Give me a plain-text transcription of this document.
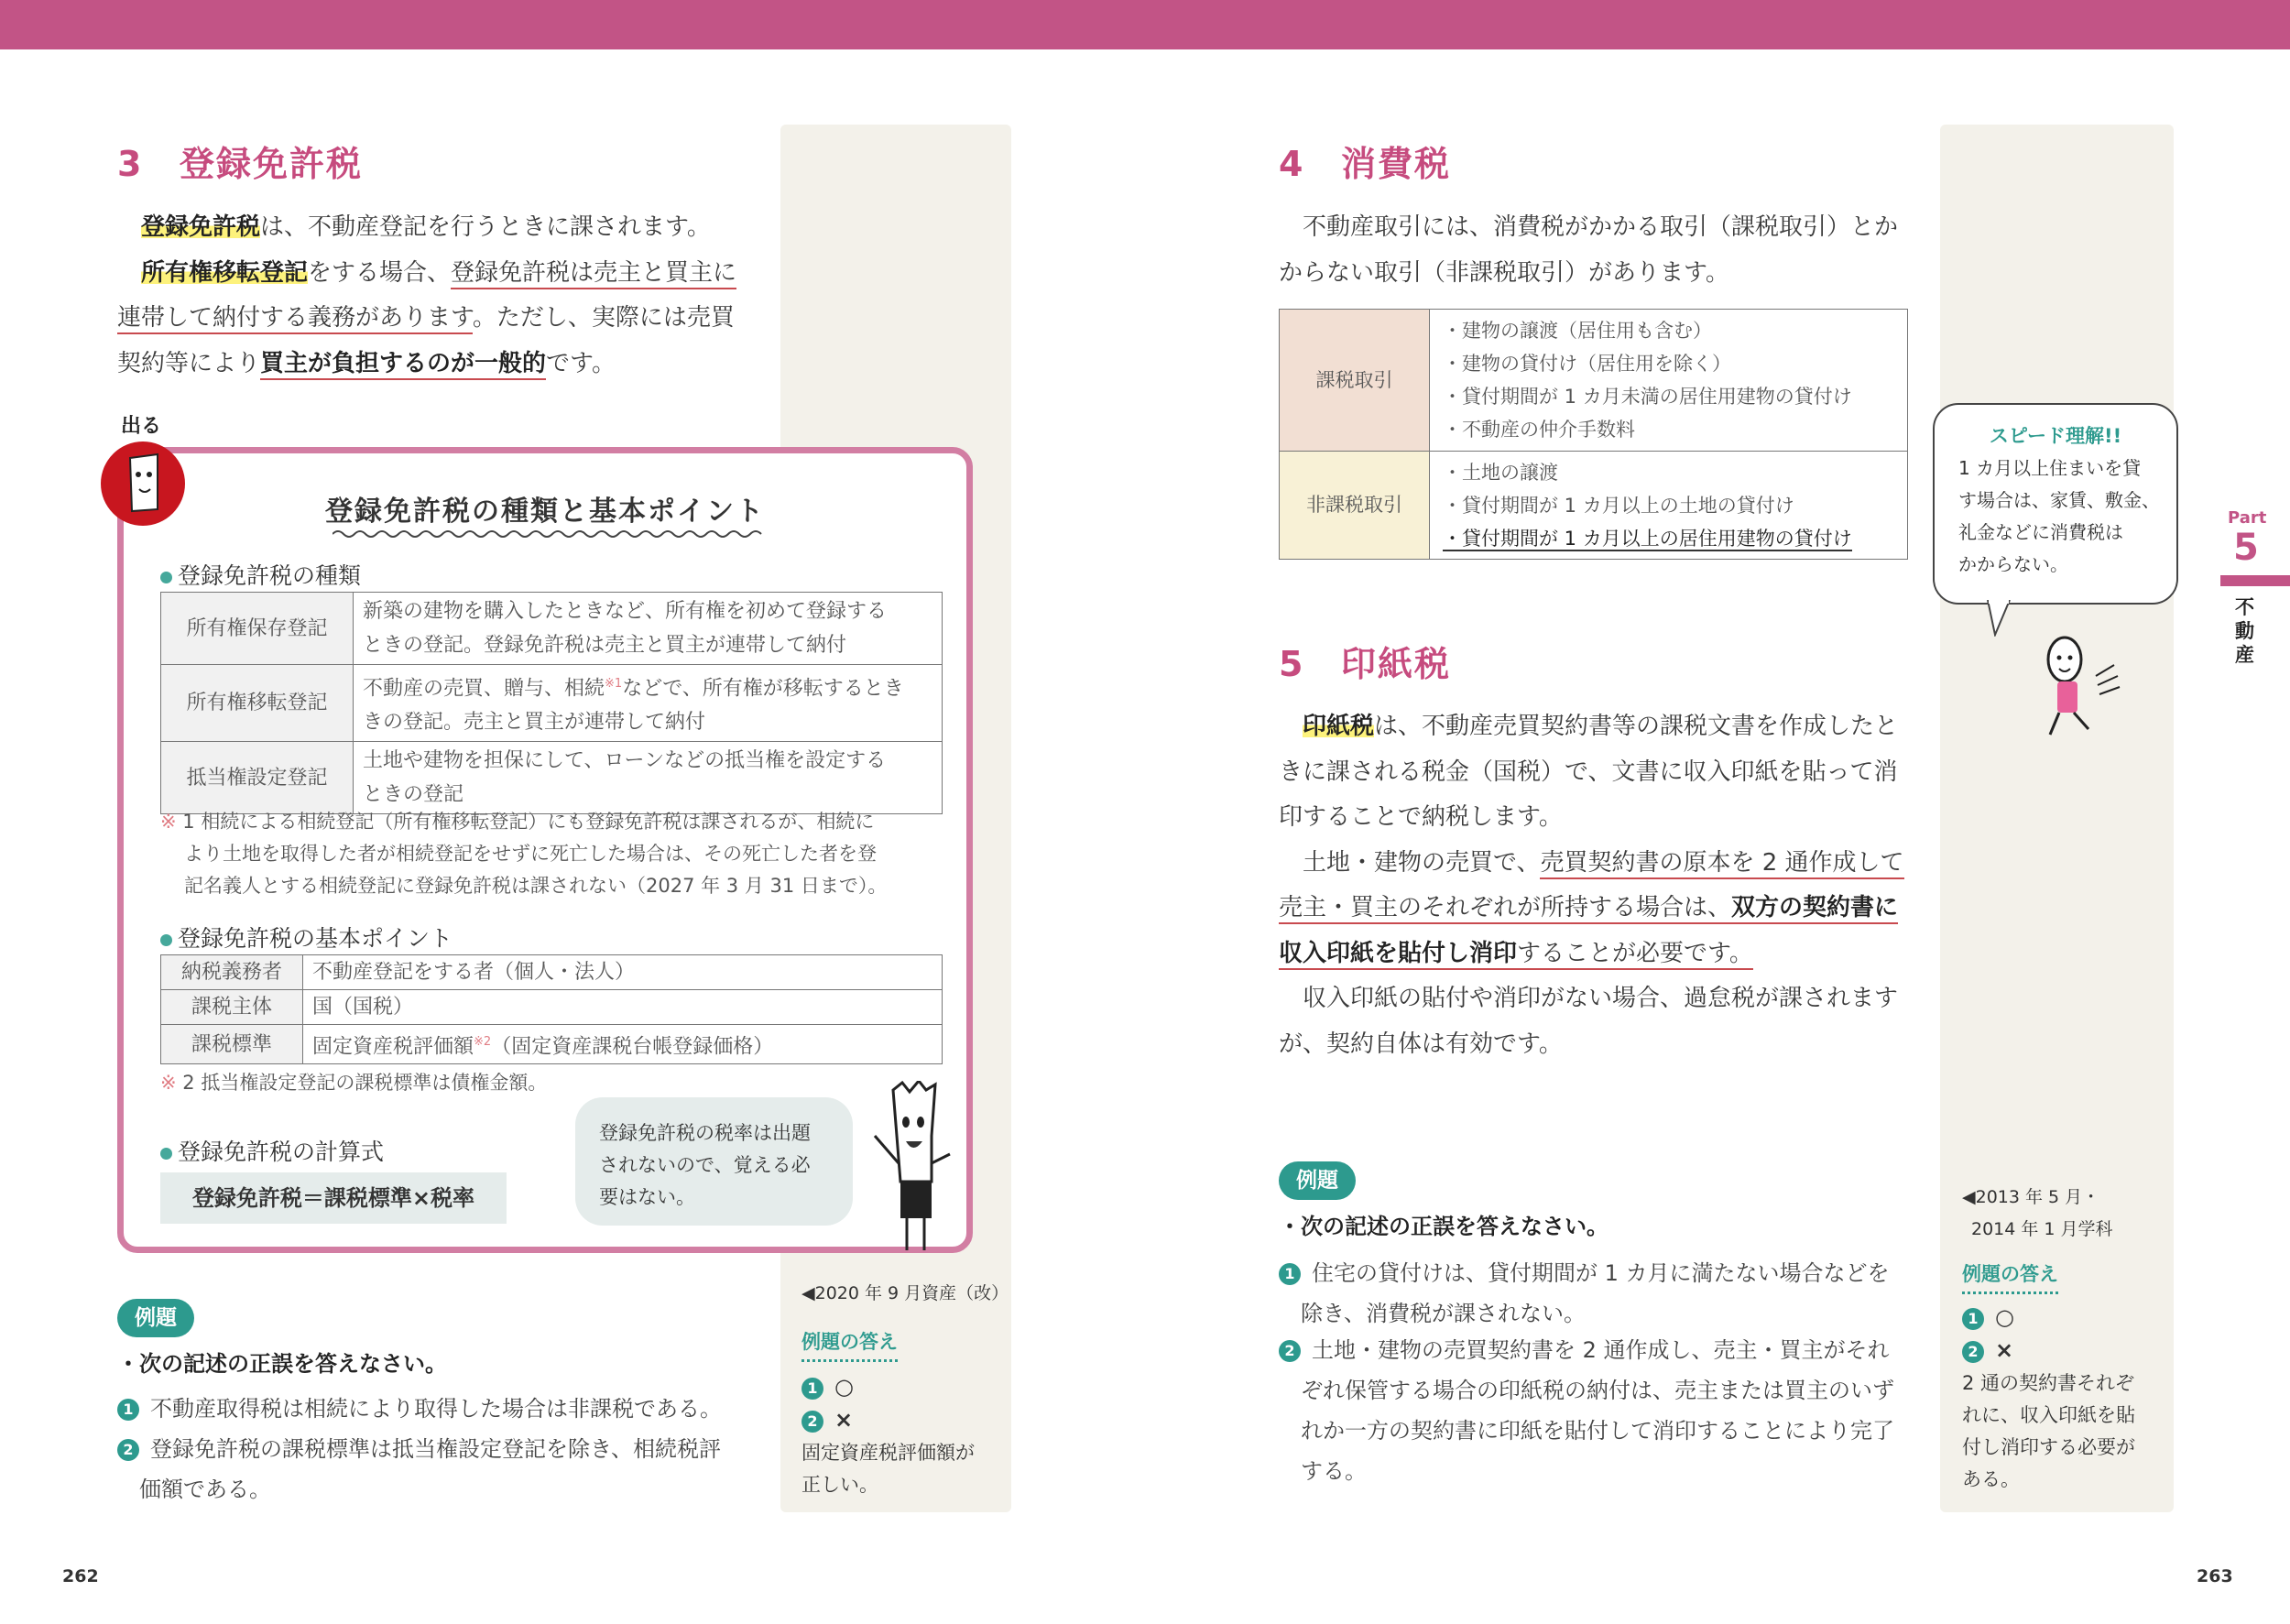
3 登録免許税

登録免許税は、不動産登記を行うときに課されます。

所有権移転登記をする場合、登録免許税は売主と買主に

連帯して納付する義務があります。ただし、実際には売買

契約等により買主が負担するのが一般的です。

登録免許税の種類と基本ポイント
登録免許税の種類
所有権保存登記	新築の建物を購入したときなど、所有権を初めて登録する
ときの登記。登録免許税は売主と買主が連帯して納付

所有権移転登記	不動産の売買、贈与、相続$^{※1}$などで、所有権が移転するとき
きの登記。売主と買主が連帯して納付

抵当権設定登記	土地や建物を担保にして、ローンなどの抵当権を設定する
ときの登記
※ 1 相続による相続登記（所有権移転登記）にも登録免許税は課されるが、相続に
より土地を取得した者が相続登記をせずに死亡した場合は、その死亡した者を登
記名義人とする相続登記に登録免許税は課されない（2027 年 3 月 31 日まで）。
登録免許税の基本ポイント
納税義務者	不動産登記をする者（個人・法人）
課税主体	国（国税）
課税標準	固定資産税評価額$^{※2}$（固定資産課税台帳登録価格）
※ 2 抵当権設定登記の課税標準は債権金額。
登録免許税の計算式
登録免許税＝課税標準×税率
登録免許税の税率は出題
されないので、覚える必
要はない。
出る
例題
・次の記述の正誤を答えなさい。
1 不動産取得税は相続により取得した場合は非課税である。
2 登録免許税の課税標準は抵当権設定登記を除き、相続税評
価額である。
◀2020 年 9 月資産（改）
例題の答え
1 ○
2 ×
固定資産税評価額が
正しい。
262
4 消費税

不動産取引には、消費税がかかる取引（課税取引）とか

からない取引（非課税取引）があります。

課税取引	・建物の譲渡（居住用も含む）
・建物の貸付け（居住用を除く）
・貸付期間が 1 カ月未満の居住用建物の貸付け
・不動産の仲介手数料

非課税取引	・土地の譲渡
・貸付期間が 1 カ月以上の土地の貸付け
・貸付期間が 1 カ月以上の居住用建物の貸付け
5 印紙税

印紙税は、不動産売買契約書等の課税文書を作成したと

きに課される税金（国税）で、文書に収入印紙を貼って消

印することで納税します。

土地・建物の売買で、売買契約書の原本を 2 通作成して

売主・買主のそれぞれが所持する場合は、双方の契約書に

収入印紙を貼付し消印することが必要です。

収入印紙の貼付や消印がない場合、過怠税が課されます

が、契約自体は有効です。

スピード理解!!
1 カ月以上住まいを貸
す場合は、家賃、敷金、
礼金などに消費税は
かからない。
Part
5
不動産
例題
・次の記述の正誤を答えなさい。
1 住宅の貸付けは、貸付期間が 1 カ月に満たない場合などを
除き、消費税が課されない。
2 土地・建物の売買契約書を 2 通作成し、売主・買主がそれ
ぞれ保管する場合の印紙税の納付は、売主または買主のいず
れか一方の契約書に印紙を貼付して消印することにより完了
する。
◀2013 年 5 月・
2014 年 1 月学科
例題の答え
1 ○
2 ×
2 通の契約書それぞ
れに、収入印紙を貼
付し消印する必要が
ある。
263
